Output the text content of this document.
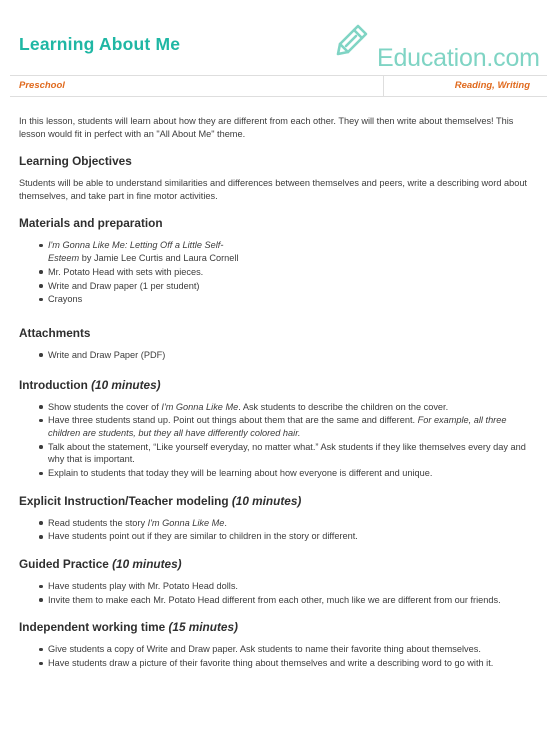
Learning About Me	Education.com
Preschool	Reading, Writing

In this lesson, students will learn about how they are different from each other. They will then write about themselves! This lesson would fit in perfect with an "All About Me" theme.

Learning Objectives

Students will be able to understand similarities and differences between themselves and peers, write a describing word about themselves, and take part in fine motor activities.

Materials and preparation
I'm Gonna Like Me: Letting Off a Little Self-
Esteem by Jamie Lee Curtis and Laura Cornell
Mr. Potato Head with sets with pieces.
Write and Draw paper (1 per student)
Crayons
Attachments
Write and Draw Paper (PDF)
Introduction (10 minutes)
Show students the cover of I'm Gonna Like Me. Ask students to describe the children on the cover.
Have three students stand up. Point out things about them that are the same and different. For example, all three children are students, but they all have differently colored hair.
Talk about the statement, “Like yourself everyday, no matter what.” Ask students if they like themselves every day and why that is important.
Explain to students that today they will be learning about how everyone is different and unique.
Explicit Instruction/Teacher modeling (10 minutes)
Read students the story I'm Gonna Like Me.
Have students point out if they are similar to children in the story or different.
Guided Practice (10 minutes)
Have students play with Mr. Potato Head dolls.
Invite them to make each Mr. Potato Head different from each other, much like we are different from our friends.
Independent working time (15 minutes)
Give students a copy of Write and Draw paper. Ask students to name their favorite thing about themselves.
Have students draw a picture of their favorite thing about themselves and write a describing word to go with it.
